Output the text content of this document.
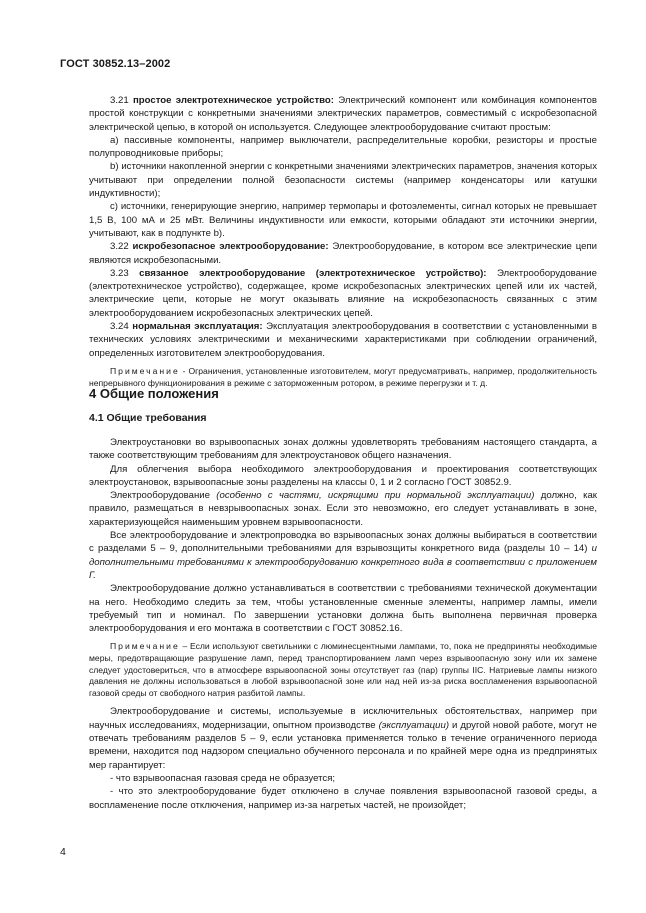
ГОСТ 30852.13–2002

3.21 простое электротехническое устройство: Электрический компонент или комбинация компонентов простой конструкции с конкретными значениями электрических параметров, совместимый с искробезопасной электрической цепью, в которой он используется. Следующее электрооборудование считают простым:

a) пассивные компоненты, например выключатели, распределительные коробки, резисторы и простые полупроводниковые приборы;

b) источники накопленной энергии с конкретными значениями электрических параметров, значения которых учитывают при определении полной безопасности системы (например конденсаторы или катушки индуктивности);

c) источники, генерирующие энергию, например термопары и фотоэлементы, сигнал которых не превышает 1,5 В, 100 мА и 25 мВт. Величины индуктивности или емкости, которыми обладают эти источники энергии, учитывают, как в подпункте b).

3.22 искробезопасное электрооборудование: Электрооборудование, в котором все электрические цепи являются искробезопасными.

3.23 связанное электрооборудование (электротехническое устройство): Электрооборудование (электротехническое устройство), содержащее, кроме искробезопасных электрических цепей или их частей, электрические цепи, которые не могут оказывать влияние на искробезопасность связанных с этим электрооборудованием искробезопасных электрических цепей.

3.24 нормальная эксплуатация: Эксплуатация электрооборудования в соответствии с установленными в технических условиях электрическими и механическими характеристиками при соблюдении ограничений, определенных изготовителем электрооборудования.

Примечание - Ограничения, установленные изготовителем, могут предусматривать, например, продолжительность непрерывного функционирования в режиме с заторможенным ротором, в режиме перегрузки и т. д.

4 Общие положения
4.1 Общие требования

Электроустановки во взрывоопасных зонах должны удовлетворять требованиям настоящего стандарта, а также соответствующим требованиям для электроустановок общего назначения.

Для облегчения выбора необходимого электрооборудования и проектирования соответствующих электроустановок, взрывоопасные зоны разделены на классы 0, 1 и 2 согласно ГОСТ 30852.9.

Электрооборудование (особенно с частями, искрящими при нормальной эксплуатации) должно, как правило, размещаться в невзрывоопасных зонах. Если это невозможно, его следует устанавливать в зоне, характеризующейся наименьшим уровнем взрывоопасности.

Все электрооборудование и электропроводка во взрывоопасных зонах должны выбираться в соответствии с разделами 5 – 9, дополнительными требованиями для взрывозщиты конкретного вида (разделы 10 – 14) и дополнительными требованиями к электрооборудованию конкретного вида в соответствии с приложением Г.

Электрооборудование должно устанавливаться в соответствии с требованиями технической документации на него. Необходимо следить за тем, чтобы установленные сменные элементы, например лампы, имели требуемый тип и номинал. По завершении установки должна быть выполнена первичная проверка электрооборудования и его монтажа в соответствии с ГОСТ 30852.16.

Примечание – Если используют светильники с люминесцентными лампами, то, пока не предприняты необходимые меры, предотвращающие разрушение ламп, перед транспортированием ламп через взрывоопасную зону или их замене следует удостовериться, что в атмосфере взрывоопасной зоны отсутствует газ (пар) группы IIC. Натриевые лампы низкого давления не должны использоваться в любой взрывоопасной зоне или над ней из-за риска воспламенения взрывоопасной газовой среды от свободного натрия разбитой лампы.

Электрооборудование и системы, используемые в исключительных обстоятельствах, например при научных исследованиях, модернизации, опытном производстве (эксплуатации) и другой новой работе, могут не отвечать требованиям разделов 5 – 9, если установка применяется только в течение ограниченного периода времени, находится под надзором специально обученного персонала и по крайней мере одна из предпринятых мер гарантирует:

- что взрывоопасная газовая среда не образуется;

- что это электрооборудование будет отключено в случае появления взрывоопасной газовой среды, а воспламенение после отключения, например из-за нагретых частей, не произойдет;

4
